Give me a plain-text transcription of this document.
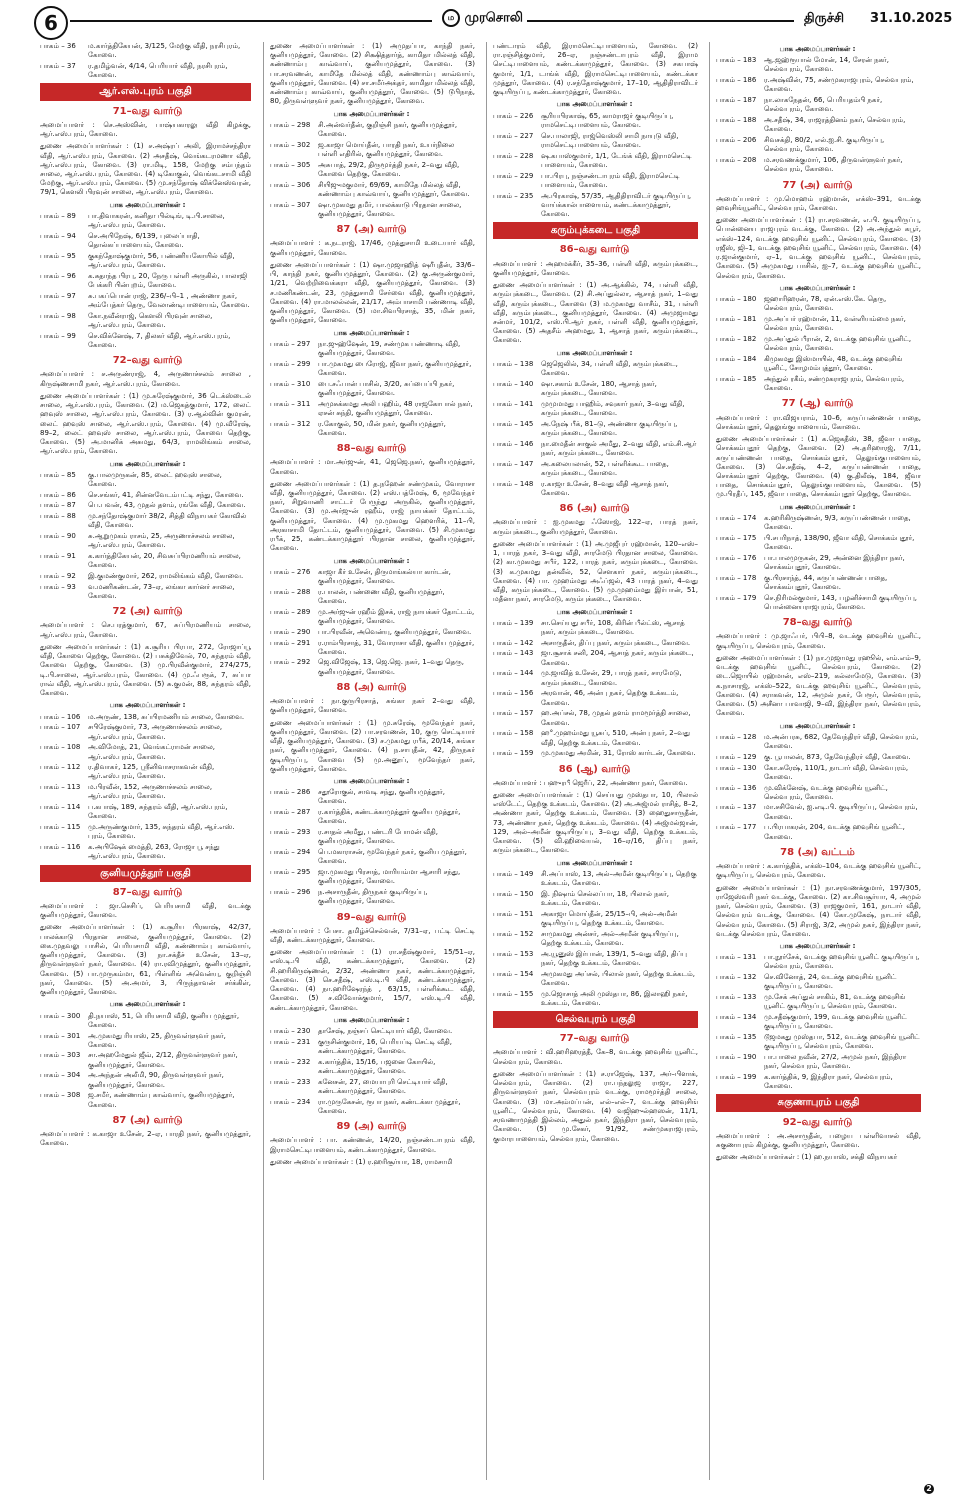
6	ம முரசொலி	திருச்சி	31.10.2025
பாகம் – 36	ம.கார்த்திகேயன், 3/125, மேற்கு வீதி, நரசிபுரம், கோவை.
பாகம் – 37	ர.தமிழ்வன், 4/14, பெரியார் வீதி, நரசிபுரம், கோவை.
ஆர்.எஸ்.புரம் பகுதி
71–வது வார்டு
அமைப்பாளர் : செ.அஸ்வின், பாஷ்யகாரலு வீதி கிழக்கு, ஆர்.எஸ்.புரம், கோவை.
துணை அமைப்பாளர்கள் : (1) ச.அஷ்ரப் அலி, இராமச்சந்திரா வீதி, ஆர்.எஸ்.புரம், கோவை. (2) அசதீஷ், வெங்கடரமணா வீதி, ஆர்.எஸ்.புரம், கோவை. (3) ரா.மிடி, 158, மேற்கு சம்பந்தம் சாலை, ஆர்.எஸ்.புரம், கோவை. (4) டிகோகுல், வெங்கடசாமி வீதி மேற்கு, ஆர்.எஸ்.புரம், கோவை. (5) மு.சந்தோஷ் விக்னேஸ்வரன், 79/1, கௌலி பிரவுன் சாலை, ஆர்.எஸ்.புரம், கோவை.
பாக அமைப்பாளர்கள் :
பாகம் – 89	பா.திவாகரன், கனிதா பில்டிங், டி.பி.சாலை, ஆர்.எஸ்.புரம், கோவை.
பாகம் – 94	செ.அபிநேஷ், 6/139, புலைப்பாதி, தொல்கப்பாளையம், கோவை.
பாகம் – 95	குகந்தோஷ்குமார், 56, பண்ணியகோயில் வீதி, ஆர்.எஸ்.புரம், கோவை.
பாகம் – 96	க.சுதாந்த பிரபு, 20, நேரு பள்ளி அருகில், பாலாஜி பேக்கரி பின்புறம், கோவை.
பாகம் – 97	சு.பகப்பொன் ராஜ், 236/–பி–1 , அண்ணா நகர், அம்பேத்கர் தெரு, வேலாண்டிபாளையம், கோவை.
பாகம் – 98	கோ.நவீன்ராஜ், கௌலி பிரவுன் சாலை, ஆர்.எஸ்.புரம், கோவை.
பாகம் – 99	செ.விக்னேஷ், 7, திலகர் வீதி, ஆர்.எஸ்.புரம், கோவை.
72–வது வார்டு
அமைப்பாளர் : ச.அருண்ராஜ், 4, அருணாச்சலம் சாலை , கிருஷ்ணசாமி நகர், ஆர்.எஸ்.புரம், கோவை.
துணை அமைப்பாளர்கள் : (1) மு.சுரேஷ்குமார், 36 டெக்ஸ்டைல் சாலை, ஆர்.எஸ்.புரம், கோவை. (2) ம.ஜெகத்குமார், 172, லைட் ஹவுஸ் சாலை, ஆர்.எஸ்.புரம், கோவை. (3) ர.ஆல்வின் குமரன், லைட் ஹவுஸ் சாலை, ஆர்.எஸ்.புரம், கோவை. (4) மு.வீரேஷ், 89–2, லைட் ஹவுஸ் சாலை, ஆர்.எஸ்.புரம், கோவை தெற்கு, கோவை. (5) அ.மானிக் அசுமது, 64/3, ராமலிங்கம் சாலை, ஆர்.எஸ்.புரம், கோவை.
பாக அமைப்பாளர்கள் :
பாகம் – 85	கு.பாலமுருகன், 85, லைட் ஹவுஸ் சாலை, கோவை.
பாகம் – 86	செ.சங்கர், 41, சின்னவேடம்பட்டி சந்து, கோவை.
பாகம் – 87	பெ.பவன், 43, முதல் தளம், ரங்கே வீதி, கோவை.
பாகம் – 88	மு.சந்தோஷ்குமார் 38/2, சித்தி விநாயகர் கோவில் வீதி, கோவை.
பாகம் – 90	சு.ஆறுமுகம் ராசம், 25, அருணாச்சலம் சாலை, ஆர்.எஸ்.புரம், கோவை.
பாகம் – 91	க.கார்த்திகேயன், 20, சிவசுப்பிரமணியம் சாலை, கோவை.
பாகம் – 92	இ.குமண்குமார், 262, ராமலிங்கம் வீதி, கோவை.
பாகம் – 93	வ.மணிகண்டன், 73–ஏ, லங்கா கார்னர் சாலை, கோவை.
72 (அ) வார்டு
அமைப்பாளர் : செ.பரத்குமார், 67, சுப்பிரமணியம் சாலை, ஆர்.எஸ்.புரம், கோவை.
துணை அமைப்பாளர்கள் : (1) க.சூரிய பிரபா, 272, ரோஜாப்பூ வீதி, கோவை தெற்கு, கோவை. (2) பசுக்திவேல், 70, சுந்தரம் வீதி, கோவை தெற்கு, கோவை. (3) மு.பிரவீன்குமார், 274/275, டி.பி.சாலை, ஆர்.எஸ்.புரம், கோவை. (4) மு.ஃபரூக், 7, சுப்பா ராவ் வீதி, ஆர்.எஸ்.புரம், கோவை. (5) சு.குமன், 88, சுந்தரம் வீதி, கோவை.
பாக அமைப்பாளர்கள் :
பாகம் – 106	ம.அருண், 138, சுப்பிரமணியம் சாலை, கோவை.
பாகம் – 107	சபிரேஷ்குமார், 73, அருணாச்சலம் சாலை, ஆர்.எஸ்.புரம், கோவை.
பாகம் – 108	அ.விமோத், 21, வெங்கட்ராமன் சாலை, ஆர்.எஸ்.புரம், கோவை.
பாகம் – 112	ர.திவாகர், 125, ஸ்ரீனிவாசராகவன் வீதி, ஆர்.எஸ்.புரம், கோவை.
பாகம் – 113	ம.பிரவீன், 152, அருணாச்சலம் சாலை, ஆர்.எஸ்.புரம், கோவை.
பாகம் – 114	ப.கபாஷ், 189, சுந்தரம் வீதி, ஆர்.எஸ்.புரம், கோவை.
பாகம் – 115	மு.அருண்குமார், 135, சுந்தரம் வீதி, ஆர்.எஸ். புரம், கோவை.
பாகம் – 116	க.அபிஷேக் மைத்தி, 263, ரோஜா பூ சந்து ஆர்.எஸ்.புரம், கோவை.
குனியமுத்தூர் பகுதி
87–வது வார்டு
அமைப்பாளர் : ஜா.செசிப், பெரியசாமி வீதி, வடக்கு குனியமுத்தூர், கோவை.
துணை அமைப்பாளர்கள் : (1) க.சூரிய பிரகாஷ், 42/37, பாலக்காடு பிரதான சாலை, குனியமுத்தூர், கோவை. (2) கை.முதவலு பாசில், பெரியசாமி வீதி, கண்ணாம்பு காவ்வாய், குனியமுத்தூர், கோவை. (3) நா.சக்தீச் உசேன், 13–ஏ, திருவள்ளுவர் நகர், கோவை. (4) ரா.ரவிமுத்தூர், குனியமுத்தூர், கோவை. (5) பா.முருகம்மா, 61, பிள்ளிங் அவென்யு, குறிஞ்சி நகர், கோவை. (5) அ.அமர், 3, பிருந்தாவன் சர்க்கிள், குனியமுத்தூர், கோவை.
பாக அமைப்பாளர்கள் :
பாகம் – 300	தி.நயாஸ், 51, பெரியசாமி வீதி, குனிய முத்தூர், கோவை.
பாகம் – 301	அ.முகமது ரியாஸ், 25, திருவள்ளுவர் நகர், கோவை.
பாகம் – 303	சா.அஹமேதுல் ஜீவ், 2/12, திருவள்ளுவர் நகர், குனியமுத்தூர், கோவை.
பாகம் – 304	அ.அந்தன் அலீமி, 90, திருவள்ளுவர் நகர், குனியமுத்தூர், கோவை.
பாகம் – 308	ஜ.சமீர், கண்ணாம்பு காவ்வாய், குனியமுத்தூர், கோவை.
87 (அ) வார்டு
அமைப்பாளர் : க.காஜா உசேன், 2–ஏ, பாரதி நகர், குனியமுத்தூர், கோவை.
துணை அமைப்பாளர்கள் : (1) அமுதப்பா, காந்தி நகர், குனியமுத்தூர், கோவை. (2) சிக்ஷித்தார்த், காமிதா மில்லத் வீதி, கண்ணாம்பு காவ்வாய், குனியமுத்தூர், கோவை. (3) பா.சரவணன், காமிதே மில்லத் வீதி, கண்ணாம்பு காவ்வாய், குனியமுத்தூர், கோவை. (4) சா.சமீர்அக்தர், காமிதா மில்லத் வீதி, கண்ணாம்பு காவ்வாய், குனியமுத்தூர், கோவை. (5) டூபிநாத், 80, திருவள்ளுவர் நகர், குனியமுத்தூர், கோவை.
பாக அமைப்பாளர்கள் :
பாகம் – 298	சி.அன்வர்தீன், குறிஞ்சி நகர், குனியமுத்தூர், கோவை.
பாகம் – 302	ஜ.காஜா மொய்தீன், பாரதி நகர், உயர்நிலை பள்ளி எதிரில், குனியமுத்தூர், கோவை.
பாகம் – 305	அசுபாத், 29/2, திருமூர்த்தி நகர், 2–வது வீதி, கோவை தெற்கு, கோவை.
பாகம் – 306	சியிஜுமகுமார், 69/69, காமிதே மில்லத் வீதி, கண்ணாம்பு காவ்வாய், குனியமுத்தூர், கோவை.
பாகம் – 307	ஷா.முகமது தமீர், பாலக்காடு பிரதான சாலை, குனியமுத்தூர், கோவை.
87 (அ) வார்டு
அமைப்பாளர் : க.நடராஜ், 17/46, முத்துசாமி உடையார் வீதி, குனியமுத்தூர், கோவை.
துணை அமைப்பாளர்கள் : (1) ஷா.முஜாஹித் ஷரீபுதீன், 33/6–பி, காந்தி நகர், குனியமுத்தூர், கோவை. (2) கு.அருண்குமார், 1/21, வெற்றிவைக்கரா வீதி, குனியமுத்தூர், கோவை. (3) ச.மணிகண்டன், 23, முத்துசாமி சேர்வை வீதி, குனியமுத்தூர், கோவை. (4) ரா.மாலல்லன், 21/17, அம்பாசாமி பண்ணாடி வீதி, குனியமுத்தூர், கோவை. (5) மா.சிவபிரசாத், 35, மின் நகர், குனியமுத்தூர், கோவை.
பாக அமைப்பாளர்கள் :
பாகம் – 297	நா.ஜுஹ்ஷேன், 19, சண்முக பண்ணாடி வீதி, குனியமுத்தூர், கோவை.
பாகம் – 299	பா.முகமது பைரோஜ், ஜீவா நகர், குனியமுத்தூர், கோவை.
பாகம் – 310	பை.சஃபான் பாசில், 3/20, சுப்பைப்பி நகர், குனியமுத்தூர், கோவை.
பாகம் – 311	அமுசுக்கமது அலி பஹிம், 48 ராஜகோபால் நகர், ஏசன் சுந்தி, குனியமுத்தூர், கோவை.
பாகம் – 312	ர.கோகுல், 50, மின் நகர், குனியமுத்தூர், கோவை.
88–வது வார்டு
அமைப்பாளர் : மா.அர்ஜுன், 41, ஜெஜெ.நகர், குனியமுத்தூர், கோவை.
துணை அமைப்பாளர்கள் : (1) த.நஹேன் சண்முகம், வோராசா வீதி, குனியமுத்தூர், கோவை. (2) எஸ்.பத்மேஷ், 6, மூவேந்தர் நகர், சிறுவாணி சாட்டர் பேருந்து அருகில், குனியமுத்தூர், கோவை. (3) மு.அர்ஜுன் ரஹீம், ராஜ் நாயக்கர் தோட்டம், குனியமுத்தூர், கோவை. (4) மு.முகமது ஹெளரிக், 11–பி, அரகாசாமி தோட்டம், குனியமுத்தூர், கோவை. (5) சி.முகமது ரபீக், 25, கண்டக்காமுத்தூர் பிரதான சாலை, குனியமுத்தூர், கோவை.
பாக அமைப்பாளர்கள் :
பாகம் – 276	காஜா கீர் உசேன், திருமாங்கல்யா கார்டன், குனியமுத்தூர், கோவை.
பாகம் – 288	ர.பாலன், பண்ணை வீதி, குனியமுத்தூர், கோவை.
பாகம் – 289	மு.அர்ஜுன் ரஹீம் இசக், ராஜ் நாயக்கர் தோட்டம், குனியமுத்தூர், கோவை.
பாகம் – 290	பா.பிரவீன், அவென்யு, குனியமுத்தூர், கோவை.
பாகம் – 291	ர.ராம்பிரசாத், 31, வோராசா வீதி, குனிய முத்தூர், கோவை.
பாகம் – 292	ஜெ.விஜேஷ், 13, ஜெ.ஜெ. நகர், 1–வது தெரு, குனியமுத்தூர், கோவை.
88 (அ) வார்டு
அமைப்பாளர் : நா.குருபிரசாத், சுங்கா நகர் 2–வது வீதி, குனியமுத்தூர், கோவை.
துணை அமைப்பாளர்கள் : (1) மு.சுரேஷ், மூவேந்தர் நகர், குனியமுத்தூர், கோவை. (2) பா.சரவணன், 10, குரு செட்டியார் வீதி, குனியமுத்தூர், கோவை. (3) ச.முகமது ரபீக், 20/14, சுங்கா நகர், குனியமுத்தூர், கோவை. (4) ந.சாபுதீன், 42, திருநகர் குடியிருப்பு, கோவை (5) மு.அனூப், மூவேந்தர் நகர், குனியமுத்தூர், கோவை.
பாக அமைப்பாளர்கள் :
பாகம் – 286	சதூரோகுல், சாவடி சந்து, குனியமுத்தூர், கோவை.
பாகம் – 287	ர.கார்த்திக், கண்டக்காமுத்தூர் குனிய முத்தூர், கோவை.
பாகம் – 293	ர.சாதல் அமீது, பண்டரி போமன் வீதி, குனியமுத்தூர், கோவை.
பாகம் – 294	பெ.மகாராசன், மூவேந்தர் நகர், குனிய முத்தூர், கோவை.
பாகம் – 295	ஜா.முகமது பிரசாத், மாரியம்மா ஆசாரி சந்து, குனியமுத்தூர், கோவை.
பாகம் – 296	ந.அசாருதீன், திருநகர் குடியிருப்பு, குனியமுத்தூர், கோவை.
89–வது வார்டு
அமைப்பாளர் : பேசா. தமிழ்ச்செல்வன், 7/31–ஏ, பட்டி செட்டி வீதி, கண்டக்காமுத்தூர், கோவை.
துணை அமைப்பாளர்கள் : (1) ரா.சதீஷ்குமார், 15/51–ஏ, எஸ்.டி.பி வீதி, கண்டக்காமுத்தூர், கோவை. (2) சி.ஹரிகிருஷ்ணன், 2/32, அண்ணா நகர், கண்டக்காமுத்தூர், கோவை. (3) செ.சதீஷ், எஸ்.டி.பி வீதி, கண்டக்காமுத்தூர், கோவை. (4) நா.ஹரிஷேரந்த் , 63/15, பள்ளிக்கூட வீதி, கோவை. (5) ச.விவோக்குமார், 15/7, எஸ்.டி.பி வீதி, கண்டக்காமுத்தூர், கோவை.
பாக அமைப்பாளர்கள் :
பாகம் – 230	தாசேஷ், நஞ்சப் செட்டியார் வீதி, கோவை.
பாகம் – 231	குருசின்குமார், 16, பெரியப்டி செட்டி வீதி, கண்டக்காமுத்தூர், கோவை.
பாகம் – 232	க.கார்த்திக், 15/16, பஜனை கோயில், கண்டக்காமுத்தூர், கோவை.
பாகம் – 233	கனேசன், 27, மையாபுரி செட்டியார் வீதி, கண்டக்காமுத்தூர், கோவை.
பாகம் – 234	ரா.முருகேசன், ரூபா நகர், கண்டக்கா முத்தூர், கோவை.
89 (அ) வார்டு
அமைப்பாளர் : பா. கண்ணன், 14/20, நஞ்சண்டாபுரம் வீதி, இராமசெட்டிபாளையம், கண்டக்காமுத்தூர், கோவை.
துணை அமைப்பாளர்கள் : (1) ர.ஹரிசூர்யா, 18, ராமசாமி
பண்டாரம் வீதி, இராமசெட்டிபாளையம், கோவை. (2) ரா.ரஞ்சித்குமார், 26–ஏ, நஞ்சண்டாபுரம் வீதி, இராம செட்டிபாளையம், கண்டக்காமுத்தூர், கோவை. (3) சகபாஷ் குமார், 1/1, டாங்க் வீதி, இராமசெட்டிபாளையம், கண்டக்கா முத்தூர், கோவை. (4) ர.சந்தோஷ்குமார், 17–10, ஆதிதிராவிடர் குடியிருப்பு, கண்டக்காமுத்தூர், கோவை.
பாக அமைப்பாளர்கள் :
பாகம் – 226	சூரியபிரகாஷ், 65, காமராஜர் குடியிருப்பு, ராமசெட்டிபாளையம், கோவை.
பாகம் – 227	செ.பாலாஜி, ராஜ்வெஸ்லி சாமி நாயுடு வீதி, ராமசெட்டிபாளையம், கோவை.
பாகம் – 228	ஷ.கபாஸ்குமார், 1/1, டேங்க் வீதி, இராமசெட்டி பாளையம், கோவை.
பாகம் – 229	பா.பிரபு, நஞ்சண்டாபுரம் வீதி, இராமசெட்டி பாளையம், கோவை.
பாகம் – 235	அ.பிரகாஷ், 57/35, ஆதிதிராவிடர் குடியிருப்பு, வாய்க்கால்பாளையம், கண்டக்காமுத்தூர், கோவை.
கரும்புக்கடை பகுதி
86–வது வார்டு
அமைப்பாளர் : அஹமக்கீர், 35–36, பள்ளி வீதி, கரும்புக்கடை, குனியமுத்தூர், கோவை.
துணை அமைப்பாளர்கள் : (1) அ.ஆக்கில், 74, பள்ளி வீதி, கரும்புக்கடை, கோவை. (2) சி.அப்துல்லா, ஆசாத் நகர், 1–வது வீதி, கரும்புக்கடை, கோவை (3) ம.முகமது வாசீம், 31, பள்ளி வீதி, கரும்புக்கடை, குனியமுத்தூர், கோவை. (4) அமுஜாமது சன்மர், 101/2, எஸ்.பி.ஆர் நகர், பள்ளி வீதி, குனியமுத்தூர், கோவை. (5) அதசீம் அஹமது, 1, ஆசாத் நகர், கரும்புக்கடை, கோவை.
பாக அமைப்பாளர்கள் :
பாகம் – 138	ஜெஜெலில், 34, பள்ளி வீதி, கரும்புக்கடை, கோவை.
பாகம் – 140	ஷா.சகாம் உசேன், 180, ஆசாத் நகர், கரும்புக்கடை, கோவை.
பாகம் – 141	முமுமமது பாஹிம், சவுகார் நகர், 3–வது வீதி, கரும்புக்கடை, கோவை.
பாகம் – 145	அ.நேஷ் பீக், 81–டு, அண்ணா குடியிருப்பு, கரும்புக்கடை, கோவை.
பாகம் – 146	நா.மைதீன் சாகுல் அமீது, 2–வது வீதி, எம்.சி.ஆர் நகர், கரும்புக்கடை, கோவை.
பாகம் – 147	அ.கலையலான், 52, பள்ளிக்கூட பாதை, கரும்புக்கடை, கோவை.
பாகம் – 148	ர.காஜா உசேன், 8–வது வீதி ஆசாத் நகர், கோவை.
86 (அ) வார்டு
அமைப்பாளர் : ஐ.முகமது ஃஸோஜ், 122–ஏ, பாரத் நகர், கரும்புக்கடை, குனியமுத்தூர், கோவை.
துணை அமைப்பாளர்கள் : (1) அ.முஜீபுர் ரஹ்மான், 120–எஸ்–1, பாரத் நகர், 3–வது வீதி, சாரமேடு பிரதான சாலை, கோவை. (2) கா.முகமது சபீர், 122, பாரத் நகர், கரும்புக்கடை, கோவை. (3) க.முகமது தன்வீல், 52, சௌகார் நகர், கரும்புக்கடை, கோவை. (4) பா. முஹம்மது அஃப்ஜல், 43 பாரத் நகர், 4–வது வீதி, கரும்புக்கடை, கோவை. (5) மு.முஹம்மது இர்பான், 51, மதீனா நகர், சாரமேடு, கரும்புக்கடை, கோவை.
பாக அமைப்பாளர்கள் :
பாகம் – 139	சா.செய்யது சபீர், 108, கிரின் பீல்ட்ஸ், ஆசாத் நகர், கரும்புக்கடை, கோவை.
பாகம் – 142	அசாருதீன், திப்பு நகர், கரும்புக்கடை, கோவை.
பாகம் – 143	ஜா.சூசாக் சனி, 204, ஆசாத் நகர், கரும்புக்கடை, கோவை.
பாகம் – 144	மு.ஜாவித் உசேன், 29, பாரத் நகர், சாரமேடு, கரும்புக்கடை, கோவை.
பாகம் – 156	அரவான், 46, அன்பு நகர், தெற்கு உக்கடம், கோவை.
பாகம் – 157	ஹ.அப்சல், 78, முதல் தளம் ராமமூர்த்தி சாலை, கோவை.
பாகம் – 158	ஹ°.முஹம்மது யூசுப், 510, அன்பு நகர், 2–வது வீதி, தெற்கு உக்கடம், கோவை.
பாகம் – 159	மு.முகமது அமின், 31, ரோஸ் கார்டன், கோவை.
86 (ஆ) வார்டு
அமைப்பாளர் : பஹுரபீ ஜெரீப், 22, அண்ணா நகர், கோவை.
துணை அமைப்பாளர்கள் : (1) செய்யது முஸ்தபா, 10, பிலால் எஸ்டேட், தெற்கு உக்கடம், கோவை. (2) அ.அஜ்மல் ராசித், 8–2, அண்ணா நகர், தெற்கு உக்கடம், கோவை. (3) ஹைதுசாருதீன், 73, அண்ணா நகர், தெற்கு உக்கடம், கோவை. (4) அஜ்மல்ஜான், 129, அல்–அமீன் குடியிருப்பு, 3–வது வீதி, தெற்கு உக்கடம், கோவை. (5) வி.ஹிவையல், 16–ஏ/16, திப்பு நகர், கரும்புக்கடை, கோவை.
பாக அமைப்பாளர்கள் :
பாகம் – 149	சி.அப்பாஸ், 13, அல்–அமீன் குடியிருப்பு, தெற்கு உக்கடம், கோவை.
பாகம் – 150	இ. நிஷாம் செல்லப்பா, 18, பிலால் நகர், உக்கடம், கோவை.
பாகம் – 151	அகாஜா மொய்தீன், 25/15–பி, அல்–அமீன் குடியிருப்பு, தெற்கு உக்கடம், கோவை.
பாகம் – 152	சாமுகமது அன்சர், அல்–அமீன் குடியிருப்பு, தெற்கு உக்கடம், கோவை.
பாகம் – 153	அ.யூனுஸ் இர்பான், 139/1, 5–வது வீதி, திப்பு நகர், தெற்கு உக்கடம், கோவை.
பாகம் – 154	அமுகமது அப்சல், பிலால் நகர், தெற்கு உக்கடம், கோவை.
பாகம் – 155	மு.ஜொசாத் அலி முஸ்தபா, 86, இலாஹி நகர், உக்கடம், கோவை.
செல்வபுரம் பகுதி
77–வது வார்டு
அமைப்பாளர் : வி.ஹரிஹரத்தீ, கே–8, வடக்கு ஹவுசிங் யூனிட், செல்வபுரம், கோவை.
துணை அமைப்பாளர்கள் : (1) ச.ராஜேஷ், 137, அர்–பிளாக், செல்வபுரம், கோவை. (2) ரா.பந்தலுஜ ராஜா, 227, திருவள்ளுவர் நகர், செல்வபுரம் வடக்கு, ராமமூர்த்தி சாலை, கோவை. (3) மா.அம்மப்பன், எல்–எல்–7, வடக்கு ஹவுசிங் யூனிட், செல்வபுரம், கோவை. (4) வஜிஹுல்ஹஸன், 11/1, சரவணாமுத்தி இல்லம், அதுல் நகர், இந்திரா நகர், செல்வபுரம், கோவை. (5) மு.சேகர், 91/92, சண்முகராஜபுரம், குமாரபாளையம், செல்வபுரம், கோவை.
பாக அமைப்பாளர்கள் :
பாகம் – 183	ஆ.ஜஹ்ரூயால் மோன், 14, சேரன் நகர், செல்வபுரம், கோவை.
பாகம் – 186	ர.அஷ்வின், 75, சண்முகராஜபுரம், செல்வபுரம், கோவை.
பாகம் – 187	நா.லாகநேதன், 66, பெரியதம்பி நகர், செல்வபுரம், கோவை.
பாகம் – 188	அ.சதீஷ், 34, ராஜரத்தினம் நகர், செல்வபுரம், கோவை.
பாகம் – 206	சிவசக்தி, 80/2, எல்.ஐ.சி. குடியிருப்பு, செல்வபுரம், கோவை.
பாகம் – 208	ம.சரவணக்குமார், 106, திருவள்ளுவர் நகர், செல்வபுரம், கோவை.
77 (அ) வார்டு
அமைப்பாளர் : மு.மொஹம் ரஹ்மான், எக்ஸ்–391, வடக்கு ஹவுசிங்யூனிட், செல்வபுரம், கோவை.
துணை அமைப்பாளர்கள் : (1) ரா.சரவணன், எ.பி. குடியிருப்பு, பொன்னைய ராஜபுரம் வடக்கு, கோவை. (2) அ.அந்துல் கபூர், எக்ஸ்–124, வடக்கு ஹவுசிங் யூனிட், செல்வபுரம், கோவை. (3) ரஜீஸ், ஜி–1, வடக்கு ஹவுசிங் யூனிட், செல்வபுரம், கோவை. (4) ர.ஜான்குமார், ஏ–1, வடக்கு ஹவுசிங் யூனிட், செல்வபுரம், கோவை. (5) அமுகமது பாசில், ஐ–7, வடக்கு ஹவுசிங் யூனிட், செல்வபுரம், கோவை.
பாக அமைப்பாளர்கள் :
பாகம் – 180	ஜஹாரிஹரன், 78, ஏன்.எஸ்.கே. தெரு, செல்வபுரம், கோவை.
பாகம் – 181	மு.அப்பர் ரஹ்மான், 11, வள்ளியம்மை நகர், செல்வபுரம், கோவை.
பாகம் – 182	மு.அப்துல் பீரான், 2, வடக்கு ஹவுசிங் யூனிட், செல்வபுரம், கோவை.
பாகம் – 184	கிமுகமது இஸ்மாயில், 48, வடக்கு ஹவுசிங் யூனிட், சோழமம்புத்தூர், கோவை.
பாகம் – 185	அந்துல் ரகீம், சண்முகராஜபுரம், செல்வபுரம், கோவை.
77 (ஆ) வார்டு
அமைப்பாளர் : ரா.விஜயராம், 10–6, கருப்பண்ணன் பாதை, சொக்கம்புதூர், தெலுங்குபாளையம், கோவை.
துணை அமைப்பாளர்கள் : (1) க.ஜெகதீஸ், 38, ஜீவா பாதை, சொக்கம்புதூர் தெற்கு, கோவை. (2) அ.தரிஹாரஜ், 7/11, கருப்பண்ணன் பாதை, சொக்கம்புதூர், தெலுங்குபாளையம், கோவை. (3) செ.சதீஷ், 4–2, கருப்பண்ணன் பாதை, சொக்கம்புதூர் தெற்கு, கோவை. (4) கு.திலீஷ், 184, ஜீவா பாதை, சொக்கம்புதூர், தெலுங்குபாளையம், கோவை. (5) மு.பிரதீப், 145, ஜீவா பாதை, சொக்கம்புதூர் தெற்கு, கோவை.
பாக அமைப்பாளர்கள் :
பாகம் – 174	க.ஹரிகிருஷ்ணன், 9/3, கருப்பண்ணன் பாதை, கோவை.
பாகம் – 175	பி.சபரிநாத், 138/90, ஜீவா வீதி, சொக்கம்புதூர், கோவை.
பாகம் – 176	பா.பாலமுருகன், 29, அன்னை இந்திரா நகர், சொக்கம்புதூர், கோவை.
பாகம் – 178	கு.பிரசாந்த், 44, கருப்பண்ணன் பாதை, சொக்கம்புதூர், கோவை.
பாகம் – 179	செ.நிரிமல்குமார், 143, பழனிச்சாமி குடியிருப்பு, பொன்னையராஜபுரம், கோவை.
78–வது வார்டு
அமைப்பாளர் : மு.ஜாஃபர், பிபி–8, வடக்கு ஹவுசிங் யூனிட், குடியிருப்பு, செல்வபுரம், கோவை.
துணை அமைப்பாளர்கள் : (1) நா.முஜாமது ரஹூல், எம்.எம்–9, வடக்கு ஹவுசிங் யூனிட், செல்வபுரம், கோவை. (2) டை.ஜொயில் ரஹ்மான், எஸ்–219, கல்லாமேடு, கோவை. (3) க.நாசாரஜ், எக்ஸ்–522, வடக்கு ஹவுசிங் யூனிட், செல்வபுரம், கோவை. (4) சராகவன், 12, அமுல் நகர், பேரூர், செல்வபுரம், கோவை. (5) அசீனா பாவாஜி, 9–வி, இந்திரா நகர், செல்வபுரம், கோவை.
பாக அமைப்பாளர்கள் :
பாகம் – 128	ம.அன்பரசு, 682, தேவேந்திரர் வீதி, செல்வபுரம், கோவை.
பாகம் – 129	கு. பூபாலன், 873, தேவேந்திரர் வீதி, கோவை.
பாகம் – 130	கோ.சுரேஷ், 110/1, நாடார் வீதி, செல்வபுரம், கோவை.
பாகம் – 136	மு.விக்னேஷ், வடக்கு ஹவுசிங் யூனிட், செல்வபுரம், கோவை.
பாகம் – 137	மா.சசிவேல், ஐ.எடி.பி. குடியிருப்பு, செல்வபுரம், கோவை.
பாகம் – 177	ப.பிரபாகரன், 204, வடக்கு ஹவுசிங் யூனிட், கோவை.
78 (அ) வட்டம்
அமைப்பாளர் : க.கார்த்திக், எக்ஸ்–104, வடக்கு ஹவுசிங் யூனிட், குடியிருப்பு, செல்வபுரம், கோவை.
துணை அமைப்பாளர்கள் : (1) நா.சரவணக்குமார், 197/305, ராஜேஸ்வரி நகர் வடக்கு, கோவை. (2) கா.சிவசூர்யா, 4, அமுல் நகர், செல்வபுரம், கோவை. (3) ராஜகுமார், 161, நாடார் வீதி, செல்வபுரம் வடக்கு, கோவை. (4) கோ.முகேஷ், நாடார் வீதி, செல்வபுரம், கோவை. (5) சிராஜ், 3/2, அமுல் நகர், இந்திரா நகர், வடக்கு செல்வபுரம், கோவை.
பாக அமைப்பாளர்கள் :
பாகம் – 131	பா.நூர்சேக், வடக்கு ஹவுசிங் யூனிட் குடியிருப்பு, செல்வபுரம், கோவை.
பாகம் – 132	செ.வினோத், 24, வடக்கு ஹவுசிங் யூனிட் குடியிருப்பு, கோவை.
பாகம் – 133	மு.சேக் அப்துல் சாகிம், 81, வடக்கு ஹவுசிங் யூனிட் குடியிருப்பு, செல்வபுரம், கோவை.
பாகம் – 134	மு.சதீஷ்குமார், 199, வடக்கு ஹவுசிங் யூனிட் குடியிருப்பு, கோவை.
பாகம் – 135	டூஜமகது முஸ்தபா, 512, வடக்கு ஹவுசிங் யூனிட் குடியிருப்பு, செல்வபுரம், கோவை.
பாகம் – 190	பா.பாலை நவீன், 27/2, அமுல் நகர், இந்திரா நகர், செல்வபுரம், கோவை.
பாகம் – 199	க.கார்த்திக், 9, இந்திரா நகர், செல்வபுரம், கோவை.
சுகுணாபுரம் பகுதி
92–வது வார்டு
அமைப்பாளர் : அ.அசாருதீன், பழைய பள்ளிவாசல் வீதி, சுகுணாபுரம் கிழக்கு, குனியமுத்தூர், கோவை.
துணை அமைப்பாளர்கள் : (1) ஹ.நயாஸ், சக்தி விநாயகர்
2
